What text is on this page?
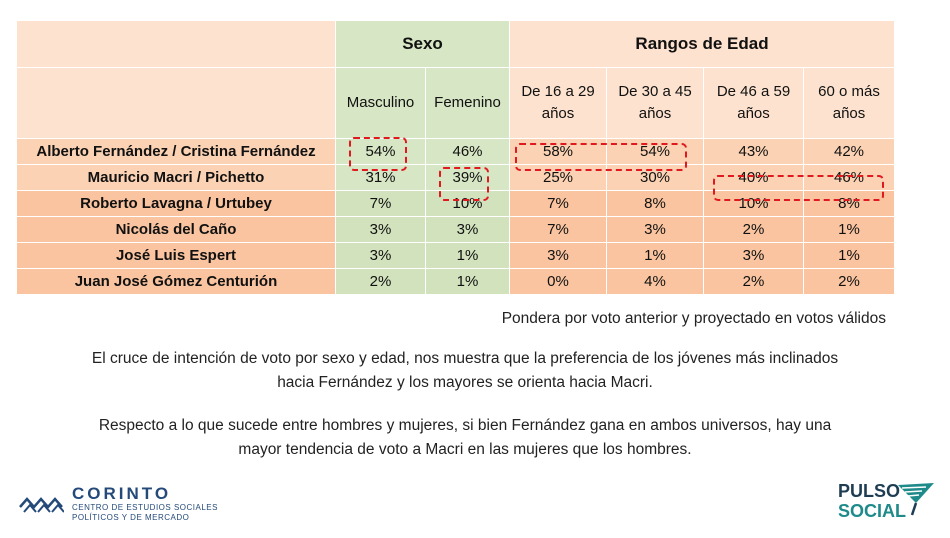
	Sexo		Rangos de Edad			
	Masculino	Femenino	De 16 a 29 años	De 30 a 45 años	De 46 a 59 años	60 o más años
Alberto Fernández / Cristina Fernández	54%	46%	58%	54%	43%	42%
Mauricio Macri / Pichetto	31%	39%	25%	30%	40%	46%
Roberto Lavagna / Urtubey	7%	10%	7%	8%	10%	8%
Nicolás del Caño	3%	3%	7%	3%	2%	1%
José Luis Espert	3%	1%	3%	1%	3%	1%
Juan José Gómez Centurión	2%	1%	0%	4%	2%	2%
Pondera por voto anterior y proyectado en votos válidos
El cruce de intención de voto por sexo y edad, nos muestra que la preferencia de los jóvenes más inclinados
hacia Fernández y los mayores se orienta hacia Macri.
Respecto a lo que sucede entre hombres y mujeres, si bien Fernández gana en ambos universos, hay una
mayor tendencia de voto a Macri en las mujeres que los hombres.
CORINTO
CENTRO DE ESTUDIOS SOCIALES
POLÍTICOS Y DE MERCADO
PULSO
SOCIAL
